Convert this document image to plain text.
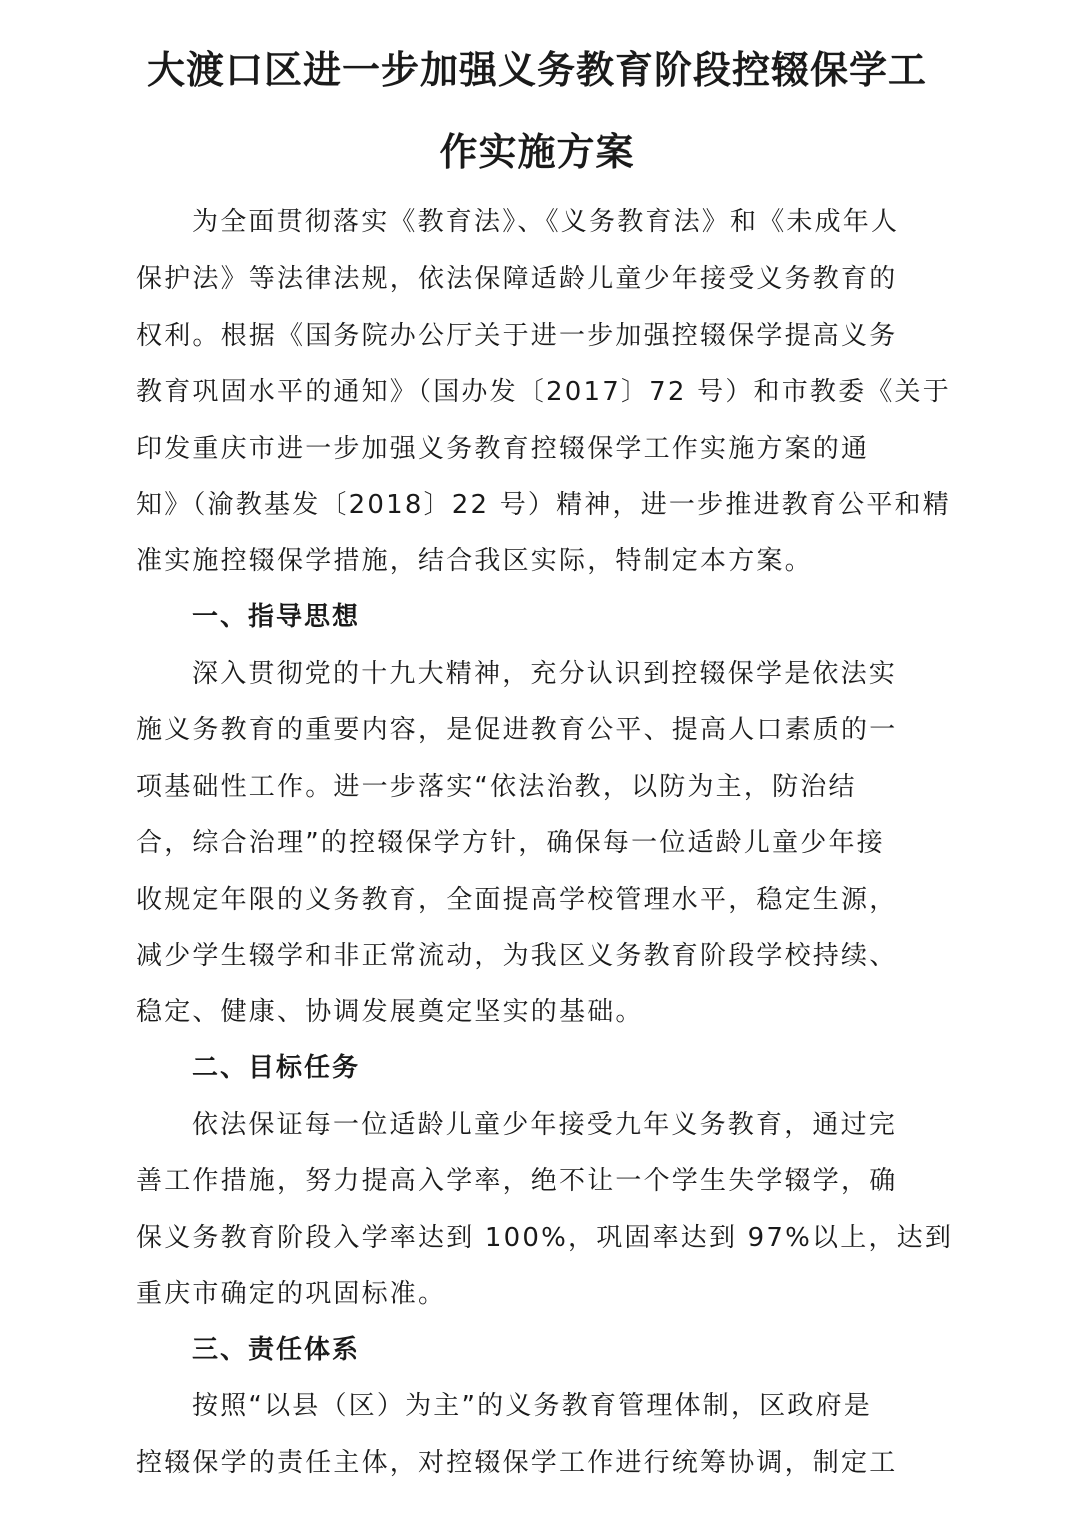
大渡口区进一步加强义务教育阶段控辍保学工
作实施方案
为全面贯彻落实《教育法》、《义务教育法》和《未成年人
保护法》等法律法规，依法保障适龄儿童少年接受义务教育的
权利。根据《国务院办公厅关于进一步加强控辍保学提高义务
教育巩固水平的通知》（国办发〔2017〕72 号）和市教委《关于
印发重庆市进一步加强义务教育控辍保学工作实施方案的通
知》（渝教基发〔2018〕22 号）精神，进一步推进教育公平和精
准实施控辍保学措施，结合我区实际，特制定本方案。
一、指导思想
深入贯彻党的十九大精神，充分认识到控辍保学是依法实
施义务教育的重要内容，是促进教育公平、提高人口素质的一
项基础性工作。进一步落实“依法治教，以防为主，防治结
合，综合治理”的控辍保学方针，确保每一位适龄儿童少年接
收规定年限的义务教育，全面提高学校管理水平，稳定生源，
减少学生辍学和非正常流动，为我区义务教育阶段学校持续、
稳定、健康、协调发展奠定坚实的基础。
二、目标任务
依法保证每一位适龄儿童少年接受九年义务教育，通过完
善工作措施，努力提高入学率，绝不让一个学生失学辍学，确
保义务教育阶段入学率达到 100%，巩固率达到 97%以上，达到
重庆市确定的巩固标准。
三、责任体系
按照“以县（区）为主”的义务教育管理体制，区政府是
控辍保学的责任主体，对控辍保学工作进行统筹协调，制定工
